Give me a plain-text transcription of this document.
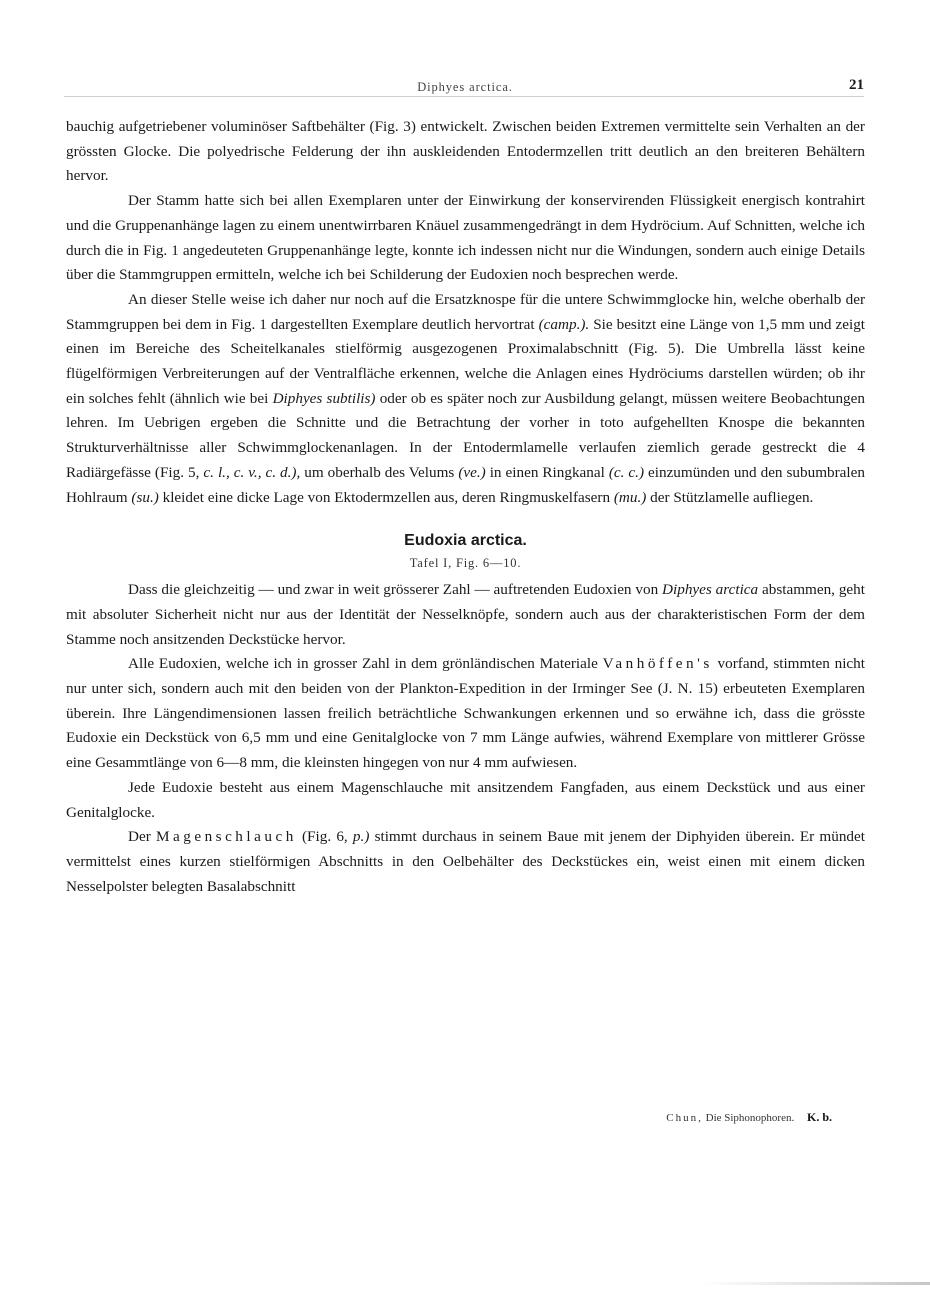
Diphyes arctica.	21

bauchig aufgetriebener voluminöser Saftbehälter (Fig. 3) entwickelt. Zwischen beiden Extremen vermittelte sein Verhalten an der grössten Glocke. Die polyedrische Felderung der ihn auskleidenden Entodermzellen tritt deutlich an den breiteren Behältern hervor.

Der Stamm hatte sich bei allen Exemplaren unter der Einwirkung der konservirenden Flüssigkeit energisch kontrahirt und die Gruppenanhänge lagen zu einem unentwirrbaren Knäuel zusammengedrängt in dem Hydröcium. Auf Schnitten, welche ich durch die in Fig. 1 angedeuteten Gruppenanhänge legte, konnte ich indessen nicht nur die Windungen, sondern auch einige Details über die Stammgruppen ermitteln, welche ich bei Schilderung der Eudoxien noch besprechen werde.

An dieser Stelle weise ich daher nur noch auf die Ersatzknospe für die untere Schwimmglocke hin, welche oberhalb der Stammgruppen bei dem in Fig. 1 dargestellten Exemplare deutlich hervortrat (camp.). Sie besitzt eine Länge von 1,5 mm und zeigt einen im Bereiche des Scheitelkanales stielförmig ausgezogenen Proximalabschnitt (Fig. 5). Die Umbrella lässt keine flügelförmigen Verbreiterungen auf der Ventralfläche erkennen, welche die Anlagen eines Hydröciums darstellen würden; ob ihr ein solches fehlt (ähnlich wie bei Diphyes subtilis) oder ob es später noch zur Ausbildung gelangt, müssen weitere Beobachtungen lehren. Im Uebrigen ergeben die Schnitte und die Betrachtung der vorher in toto aufgehellten Knospe die bekannten Strukturverhältnisse aller Schwimmglockenanlagen. In der Entodermlamelle verlaufen ziemlich gerade gestreckt die 4 Radiärgefässe (Fig. 5, c. l., c. v., c. d.), um oberhalb des Velums (ve.) in einen Ringkanal (c. c.) einzumünden und den subumbralen Hohlraum (su.) kleidet eine dicke Lage von Ektodermzellen aus, deren Ringmuskelfasern (mu.) der Stützlamelle aufliegen.

Eudoxia arctica.
Tafel I, Fig. 6—10.

Dass die gleichzeitig — und zwar in weit grösserer Zahl — auftretenden Eudoxien von Diphyes arctica abstammen, geht mit absoluter Sicherheit nicht nur aus der Identität der Nesselknöpfe, sondern auch aus der charakteristischen Form der dem Stamme noch ansitzenden Deckstücke hervor.

Alle Eudoxien, welche ich in grosser Zahl in dem grönländischen Materiale Vanhöffen's vorfand, stimmten nicht nur unter sich, sondern auch mit den beiden von der Plankton-Expedition in der Irminger See (J. N. 15) erbeuteten Exemplaren überein. Ihre Längendimensionen lassen freilich beträchtliche Schwankungen erkennen und so erwähne ich, dass die grösste Eudoxie ein Deckstück von 6,5 mm und eine Genitalglocke von 7 mm Länge aufwies, während Exemplare von mittlerer Grösse eine Gesammtlänge von 6—8 mm, die kleinsten hingegen von nur 4 mm aufwiesen.

Jede Eudoxie besteht aus einem Magenschlauche mit ansitzendem Fangfaden, aus einem Deckstück und aus einer Genitalglocke.

Der Magenschlauch (Fig. 6, p.) stimmt durchaus in seinem Baue mit jenem der Diphyiden überein. Er mündet vermittelst eines kurzen stielförmigen Abschnitts in den Oelbehälter des Deckstückes ein, weist einen mit einem dicken Nesselpolster belegten Basalabschnitt

Chun, Die Siphonophoren. K. b.
